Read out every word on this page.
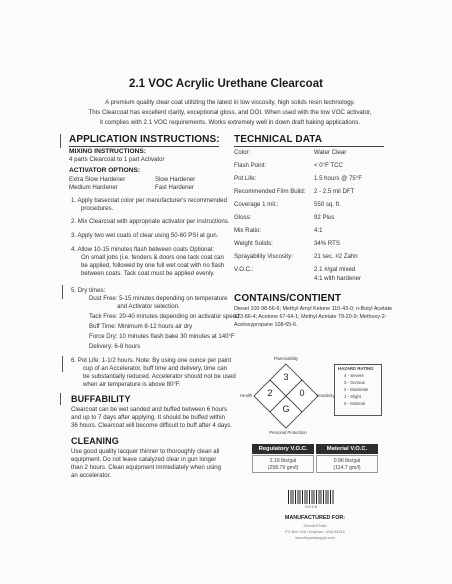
2.1 VOC Acrylic Urethane Clearcoat
A premium quality clear coat utilizing the latest in low viscosity, high solids resin technology.
This Clearcoat has excellent clarity, exceptional gloss, and DOI. When used with the low VOC activator,
it complies with 2.1 VOC requirements. Works extremely well in down draft baking applications.
APPLICATION INSTRUCTIONS:
MIXING INSTRUCTIONS:
4 parts Clearcoat to 1 part Activator
ACTIVATOR OPTIONS:
Extra Slow Hardener	Slow Hardener
Medium Hardener	Fast Hardener
1. Apply basecoat color per manufacturer's recommended
procedures.
2. Mix Clearcoat with appropriate activator per instructions.
3. Apply two wet coats of clear using 50-60 PSI at gun.
4. Allow 10-15 minutes flash between coats Optional:
On small jobs (i.e. fenders & doors one tack coat can
be applied, followed by one full wet coat with no flash
between coats. Tack coat must be applied evenly.
5. Dry times:
Dust Free: 5-15 minutes depending on temperature
and Activator selection.
Tack Free: 20-40 minutes depending on activator speed
Buff Time: Minimum 8-12 hours air dry
Force Dry: 10 minutes flash bake 30 minutes at 140°F
Delivery: 6-8 hours
6. Pot Life: 1-1/2 hours. Note: By using one ounce per paint
cup of an Accelerator, buff time and delivery, time can
be substantially reduced. Accelerator should not be used
when air temperature is above 80°F.
BUFFABILITY
Clearcoat can be wet sanded and buffed between 6 hours
and up to 7 days after applying. It should be buffed within
36 hours. Clearcoat will become difficult to buff after 4 days.
CLEANING
Use good quality lacquer thinner to thoroughly clean all
equipment. Do not leave catalyzed clear in gun longer
than 2 hours. Clean equipment immediately when using
an accelerator.
TECHNICAL DATA
Color:	Water Clear
Flash Point:	< 0°F TCC
Pot Life:	1.5 hours @ 75°F
Recommended Film Build: 2 - 2.5 mil DFT
Coverage 1 mil.:	550 sq. ft.
Gloss:	92 Plus
Mix Ratio:	4:1
Weight Solids:	34% RTS
Sprayability Viscosity:	21 sec. #2 Zahn
V.O.C.:	2.1 #/gal mixed
4:1 with hardener
CONTAINS/CONTIENT
Diesel 100 98-56-6; Methyl Amyl Ketone 110-43-0; n-Butyl Acetate
123-86-4; Acetone 67-64-1; Methyl Acetate 79-20-9; Methoxy-2-
Acetoxypropane 108-65-6.
Flammability
3
2	0
G
Health	Reactivity
Personal Protection
HAZARD RATING
4 - Severe
3 - Serious
2 - Moderate
1 - Slight
0 - Minimal
Regulatory V.O.C.	Material V.O.C.
2.16 lbs/gal
(258.79 gm/l)
0.96 lbs/gal
(114.7 gm/l)
0 0 4 8
MANUFACTURED FOR:
SmoothFinish
PO Box 126 • Anytown, USA 84315
smoothpaintsupply.com
